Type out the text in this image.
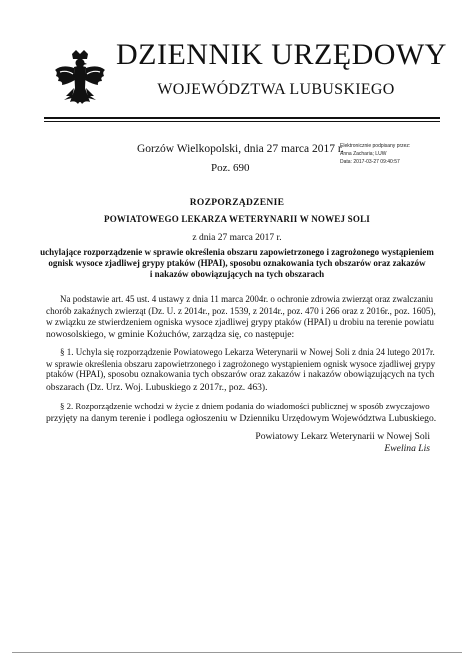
DZIENNIK URZĘDOWY
WOJEWÓDZTWA LUBUSKIEGO
Gorzów Wielkopolski, dnia 27 marca 2017 r.
Elektronicznie podpisany przez:
Anna Zacharia; LUW
Data: 2017-03-27 09:40:57
Poz. 690
ROZPORZĄDZENIE
POWIATOWEGO LEKARZA WETERYNARII W NOWEJ SOLI
z dnia 27 marca 2017 r.
uchylające rozporządzenie w sprawie określenia obszaru zapowietrzonego i zagrożonego wystąpieniem
ognisk wysoce zjadliwej grypy ptaków (HPAI), sposobu oznakowania tych obszarów oraz zakazów
i nakazów obowiązujących na tych obszarach
Na podstawie art. 45 ust. 4 ustawy z dnia 11 marca 2004r. o ochronie zdrowia zwierząt oraz zwalczaniu
chorób zakaźnych zwierząt (Dz. U. z 2014r., poz. 1539, z 2014r., poz. 470 i 266 oraz z 2016r., poz. 1605),
w związku ze stwierdzeniem ogniska wysoce zjadliwej grypy ptaków (HPAI) u drobiu na terenie powiatu
nowosolskiego, w gminie Kożuchów, zarządza się, co następuje:
§ 1. Uchyla się rozporządzenie Powiatowego Lekarza Weterynarii w Nowej Soli z dnia 24 lutego 2017r.
w sprawie określenia obszaru zapowietrzonego i zagrożonego wystąpieniem ognisk wysoce zjadliwej grypy
ptaków (HPAI), sposobu oznakowania tych obszarów oraz zakazów i nakazów obowiązujących na tych
obszarach (Dz. Urz. Woj. Lubuskiego z 2017r., poz. 463).
§ 2. Rozporządzenie wchodzi w życie z dniem podania do wiadomości publicznej w sposób zwyczajowo
przyjęty na danym terenie i podlega ogłoszeniu w Dzienniku Urzędowym Województwa Lubuskiego.
Powiatowy Lekarz Weterynarii w Nowej Soli
Ewelina Lis
